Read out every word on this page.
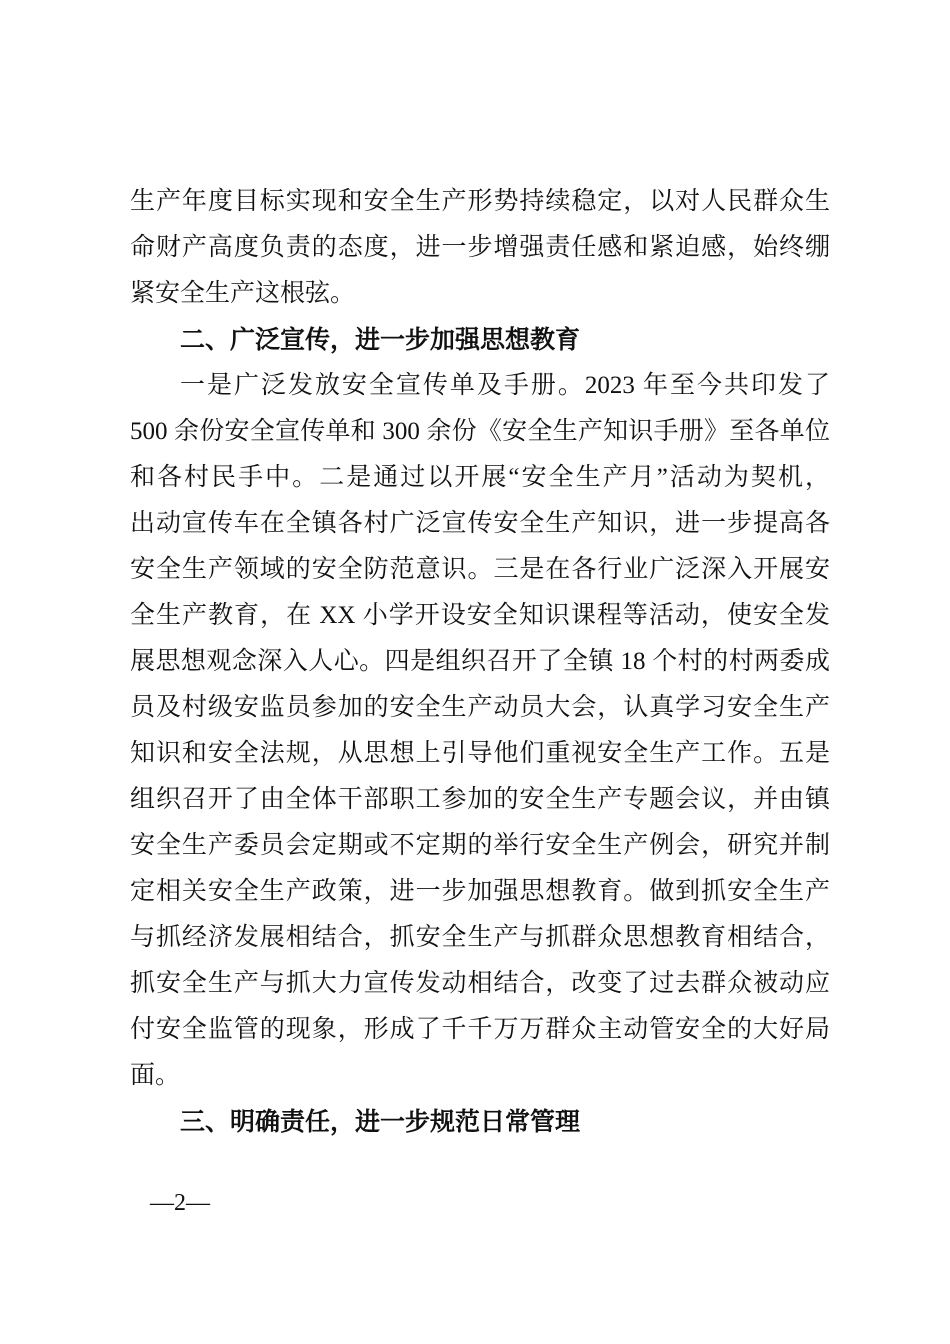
生产年度目标实现和安全生产形势持续稳定，以对人民群众生
命财产高度负责的态度，进一步增强责任感和紧迫感，始终绷
紧安全生产这根弦。
二、广泛宣传，进一步加强思想教育
一是广泛发放安全宣传单及手册。2023 年至今共印发了
500 余份安全宣传单和 300 余份《安全生产知识手册》至各单位
和各村民手中。二是通过以开展“安全生产月”活动为契机，
出动宣传车在全镇各村广泛宣传安全生产知识，进一步提高各
安全生产领域的安全防范意识。三是在各行业广泛深入开展安
全生产教育，在 XX 小学开设安全知识课程等活动，使安全发
展思想观念深入人心。四是组织召开了全镇 18 个村的村两委成
员及村级安监员参加的安全生产动员大会，认真学习安全生产
知识和安全法规，从思想上引导他们重视安全生产工作。五是
组织召开了由全体干部职工参加的安全生产专题会议，并由镇
安全生产委员会定期或不定期的举行安全生产例会，研究并制
定相关安全生产政策，进一步加强思想教育。做到抓安全生产
与抓经济发展相结合，抓安全生产与抓群众思想教育相结合，
抓安全生产与抓大力宣传发动相结合，改变了过去群众被动应
付安全监管的现象，形成了千千万万群众主动管安全的大好局
面。
三、明确责任，进一步规范日常管理
—2—
